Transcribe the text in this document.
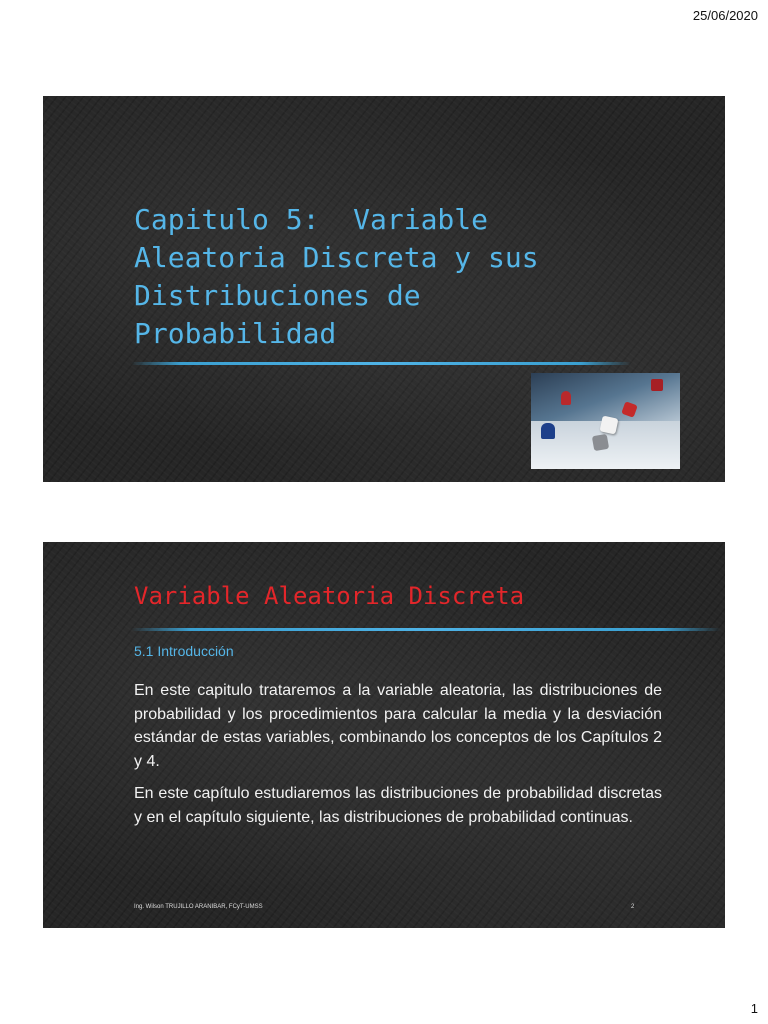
25/06/2020
Capitulo 5:  Variable Aleatoria Discreta y sus Distribuciones de Probabilidad
Variable Aleatoria Discreta
5.1 Introducción

En este capitulo trataremos a la variable aleatoria, las distribuciones de probabilidad y los procedimientos para calcular la media y la desviación estándar de estas variables, combinando los conceptos de los Capítulos 2 y 4.

En este capítulo estudiaremos las distribuciones de probabilidad discretas y en el capítulo siguiente, las distribuciones de probabilidad continuas.

Ing. Wilson TRUJILLO ARANIBAR, FCyT-UMSS	2
1
